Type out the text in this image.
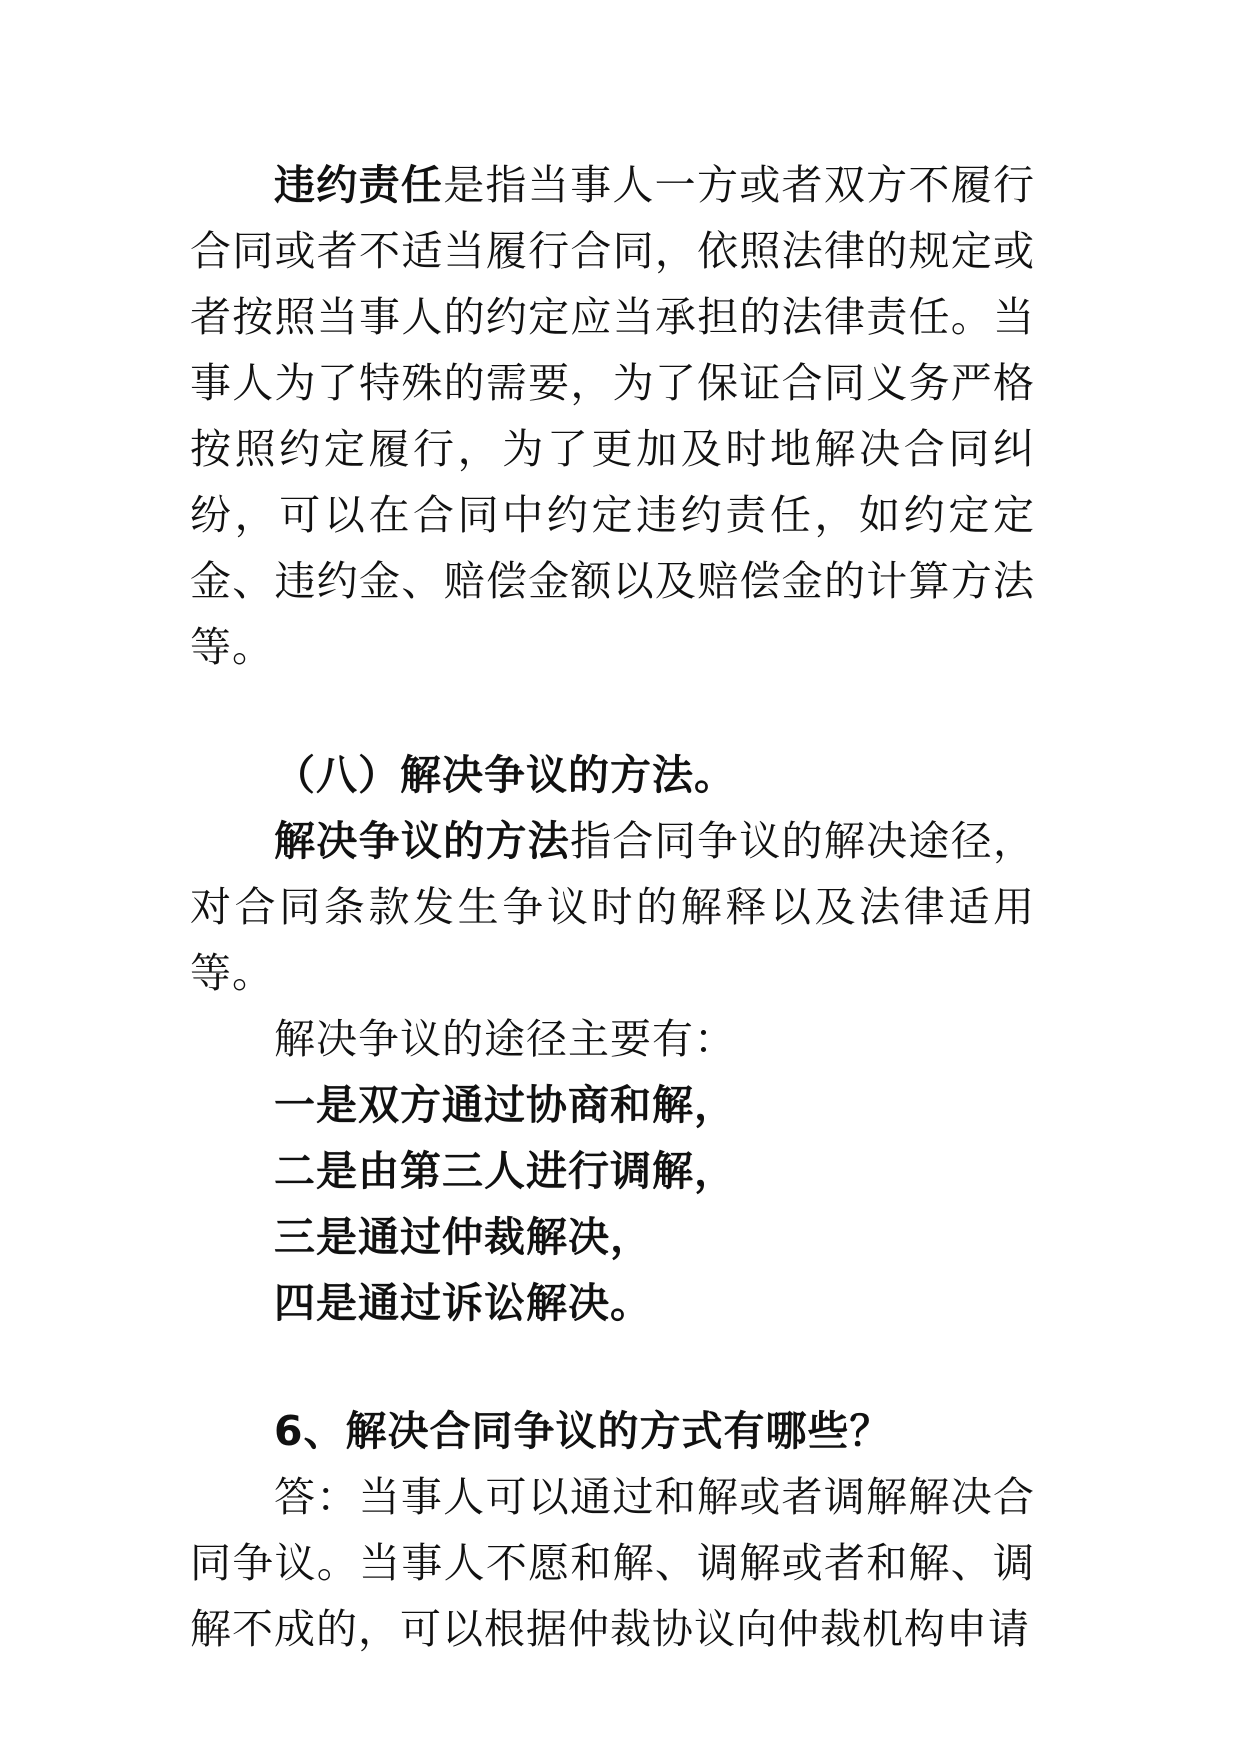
违约责任是指当事人一方或者双方不履行合同或者不适当履行合同，依照法律的规定或者按照当事人的约定应当承担的法律责任。当事人为了特殊的需要，为了保证合同义务严格按照约定履行，为了更加及时地解决合同纠纷，可以在合同中约定违约责任，如约定定金、违约金、赔偿金额以及赔偿金的计算方法等。

（八）解决争议的方法。

解决争议的方法指合同争议的解决途径，对合同条款发生争议时的解释以及法律适用等。

解决争议的途径主要有：

一是双方通过协商和解，

二是由第三人进行调解，

三是通过仲裁解决，

四是通过诉讼解决。

6、解决合同争议的方式有哪些？

答：当事人可以通过和解或者调解解决合同争议。当事人不愿和解、调解或者和解、调解不成的，可以根据仲裁协议向仲裁机构申请
